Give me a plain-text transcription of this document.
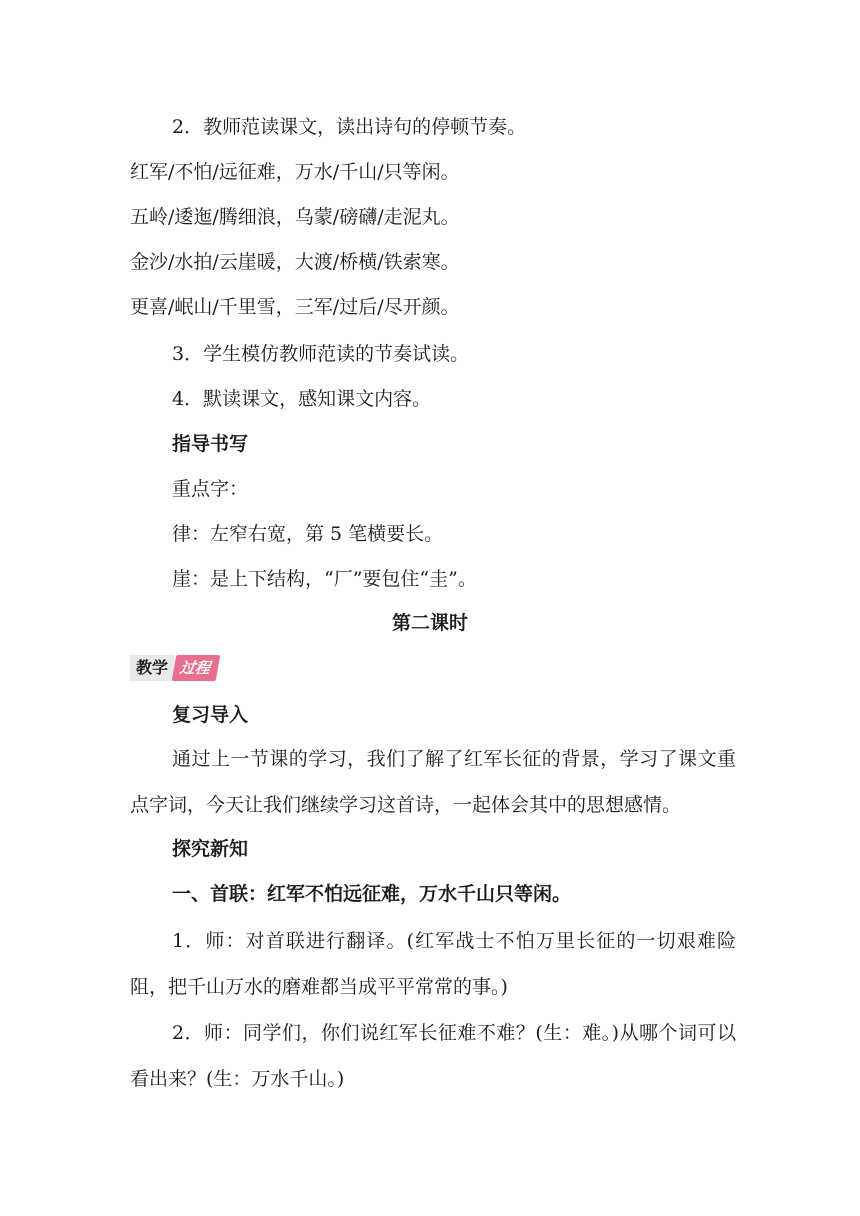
2．教师范读课文，读出诗句的停顿节奏。
红军/不怕/远征难，万水/千山/只等闲。
五岭/逶迤/腾细浪，乌蒙/磅礴/走泥丸。
金沙/水拍/云崖暖，大渡/桥横/铁索寒。
更喜/岷山/千里雪，三军/过后/尽开颜。
3．学生模仿教师范读的节奏试读。
4．默读课文，感知课文内容。
指导书写
重点字：
律：左窄右宽，第 5 笔横要长。
崖：是上下结构，“厂”要包住“圭”。
第二课时
教学 过程
复习导入
通过上一节课的学习，我们了解了红军长征的背景，学习了课文重点字词，今天让我们继续学习这首诗，一起体会其中的思想感情。
探究新知
一、首联：红军不怕远征难，万水千山只等闲。
1．师：对首联进行翻译。(红军战士不怕万里长征的一切艰难险阻，把千山万水的磨难都当成平平常常的事。)
2．师：同学们，你们说红军长征难不难？(生：难。)从哪个词可以看出来？(生：万水千山。)
